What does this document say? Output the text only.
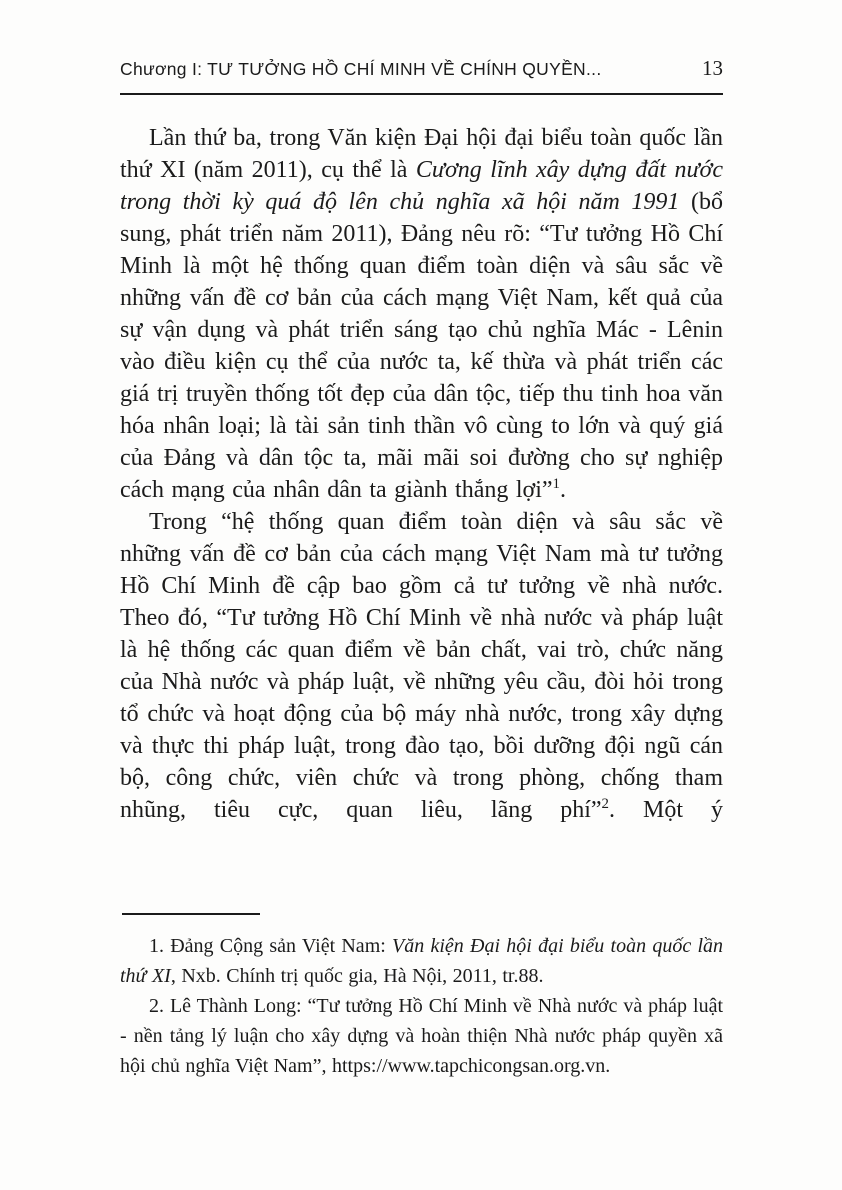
Chương I: TƯ TƯỞNG HỒ CHÍ MINH VỀ CHÍNH QUYỀN...	13

Lần thứ ba, trong Văn kiện Đại hội đại biểu toàn quốc lần thứ XI (năm 2011), cụ thể là Cương lĩnh xây dựng đất nước trong thời kỳ quá độ lên chủ nghĩa xã hội năm 1991 (bổ sung, phát triển năm 2011), Đảng nêu rõ: “Tư tưởng Hồ Chí Minh là một hệ thống quan điểm toàn diện và sâu sắc về những vấn đề cơ bản của cách mạng Việt Nam, kết quả của sự vận dụng và phát triển sáng tạo chủ nghĩa Mác - Lênin vào điều kiện cụ thể của nước ta, kế thừa và phát triển các giá trị truyền thống tốt đẹp của dân tộc, tiếp thu tinh hoa văn hóa nhân loại; là tài sản tinh thần vô cùng to lớn và quý giá của Đảng và dân tộc ta, mãi mãi soi đường cho sự nghiệp cách mạng của nhân dân ta giành thắng lợi”$^1$.

Trong “hệ thống quan điểm toàn diện và sâu sắc về những vấn đề cơ bản của cách mạng Việt Nam mà tư tưởng Hồ Chí Minh đề cập bao gồm cả tư tưởng về nhà nước. Theo đó, “Tư tưởng Hồ Chí Minh về nhà nước và pháp luật là hệ thống các quan điểm về bản chất, vai trò, chức năng của Nhà nước và pháp luật, về những yêu cầu, đòi hỏi trong tổ chức và hoạt động của bộ máy nhà nước, trong xây dựng và thực thi pháp luật, trong đào tạo, bồi dưỡng đội ngũ cán bộ, công chức, viên chức và trong phòng, chống tham nhũng, tiêu cực, quan liêu, lãng phí”$^2$. Một ý

1. Đảng Cộng sản Việt Nam: Văn kiện Đại hội đại biểu toàn quốc lần thứ XI, Nxb. Chính trị quốc gia, Hà Nội, 2011, tr.88.

2. Lê Thành Long: “Tư tưởng Hồ Chí Minh về Nhà nước và pháp luật - nền tảng lý luận cho xây dựng và hoàn thiện Nhà nước pháp quyền xã hội chủ nghĩa Việt Nam”, https://www.tapchicongsan.org.vn.
